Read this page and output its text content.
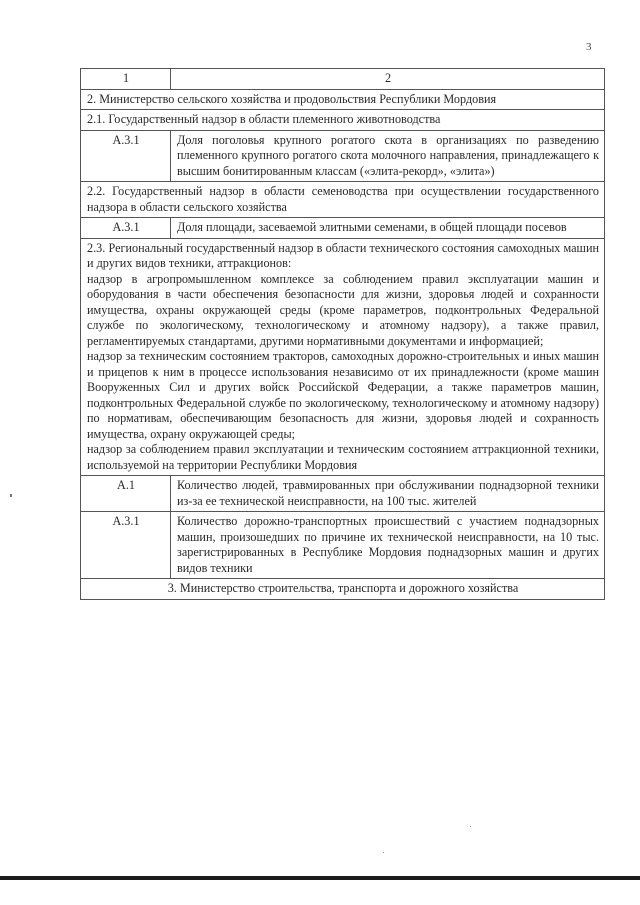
3
1	2
2. Министерство сельского хозяйства и продовольствия Республики Мордовия	
2.1. Государственный надзор в области племенного животноводства	
А.3.1	Доля поголовья крупного рогатого скота в организациях по разведению племенного крупного рогатого скота молочного направления, принадлежащего к высшим бонитированным классам («элита-рекорд», «элита»)
2.2. Государственный надзор в области семеноводства при осуществлении государственного надзора в области сельского хозяйства	
А.3.1	Доля площади, засеваемой элитными семенами, в общей площади посевов

2.3. Региональный государственный надзор в области технического состояния самоходных машин и других видов техники, аттракционов:
надзор в агропромышленном комплексе за соблюдением правил эксплуатации машин и оборудования в части обеспечения безопасности для жизни, здоровья людей и сохранности имущества, охраны окружающей среды (кроме параметров, подконтрольных Федеральной службе по экологическому, технологическому и атомному надзору), а также правил, регламентируемых стандартами, другими нормативными документами и информацией;
надзор за техническим состоянием тракторов, самоходных дорожно-строительных и иных машин и прицепов к ним в процессе использования независимо от их принадлежности (кроме машин Вооруженных Сил и других войск Российской Федерации, а также параметров машин, подконтрольных Федеральной службе по экологическому, технологическому и атомному надзору) по нормативам, обеспечивающим безопасность для жизни, здоровья людей и сохранность имущества, охрану окружающей среды;
надзор за соблюдением правил эксплуатации и техническим состоянием аттракционной техники, используемой на территории Республики Мордовия	

А.1	Количество людей, травмированных при обслуживании поднадзорной техники из-за ее технической неисправности, на 100 тыс. жителей
А.3.1	Количество дорожно-транспортных происшествий с участием поднадзорных машин, произошедших по причине их технической неисправности, на 10 тыс. зарегистрированных в Республике Мордовия поднадзорных машин и других видов техники
3. Министерство строительства, транспорта и дорожного хозяйства	
